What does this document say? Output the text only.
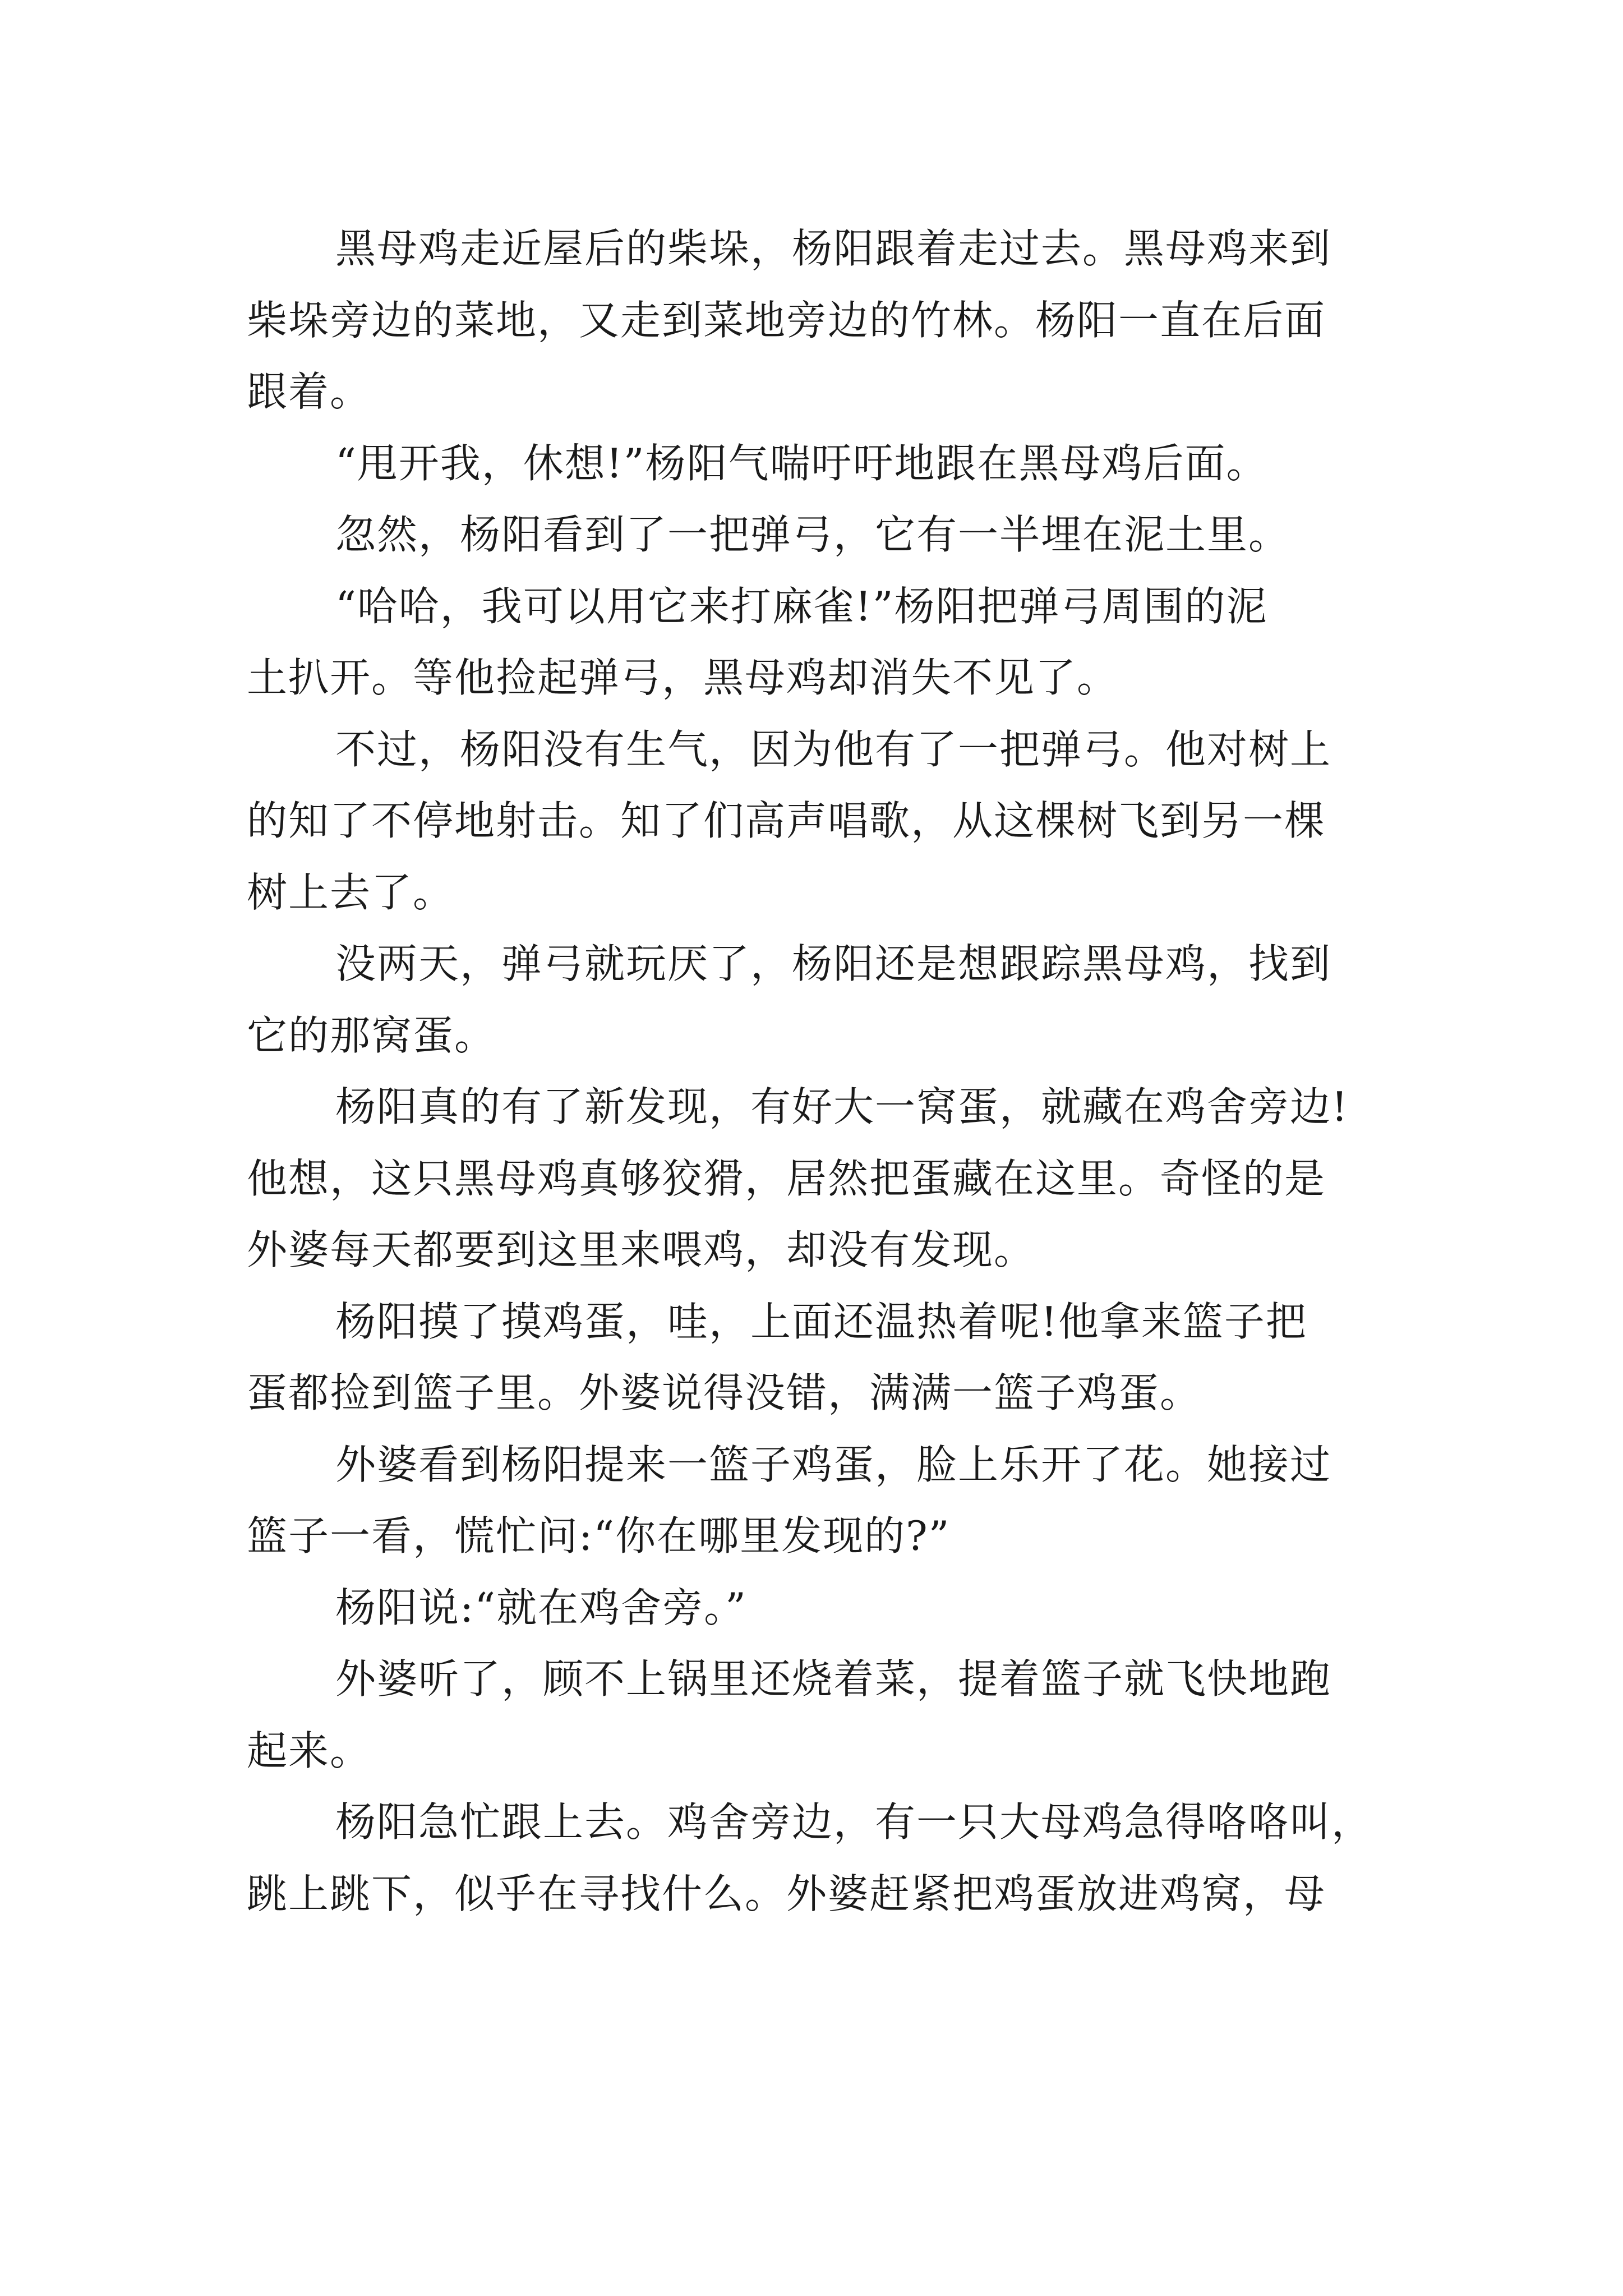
黑母鸡走近屋后的柴垛，杨阳跟着走过去。黑母鸡来到
柴垛旁边的菜地，又走到菜地旁边的竹林。杨阳一直在后面
跟着。

“甩开我，休想!”杨阳气喘吁吁地跟在黑母鸡后面。

忽然，杨阳看到了一把弹弓，它有一半埋在泥土里。

“哈哈，我可以用它来打麻雀!”杨阳把弹弓周围的泥
土扒开。等他捡起弹弓，黑母鸡却消失不见了。

不过，杨阳没有生气，因为他有了一把弹弓。他对树上
的知了不停地射击。知了们高声唱歌，从这棵树飞到另一棵
树上去了。

没两天，弹弓就玩厌了，杨阳还是想跟踪黑母鸡，找到
它的那窝蛋。

杨阳真的有了新发现，有好大一窝蛋，就藏在鸡舍旁边!
他想，这只黑母鸡真够狡猾，居然把蛋藏在这里。奇怪的是
外婆每天都要到这里来喂鸡，却没有发现。

杨阳摸了摸鸡蛋，哇，上面还温热着呢!他拿来篮子把
蛋都捡到篮子里。外婆说得没错，满满一篮子鸡蛋。

外婆看到杨阳提来一篮子鸡蛋，脸上乐开了花。她接过
篮子一看，慌忙问:“你在哪里发现的?”

杨阳说:“就在鸡舍旁。”

外婆听了，顾不上锅里还烧着菜，提着篮子就飞快地跑
起来。

杨阳急忙跟上去。鸡舍旁边，有一只大母鸡急得咯咯叫，
跳上跳下，似乎在寻找什么。外婆赶紧把鸡蛋放进鸡窝，母
